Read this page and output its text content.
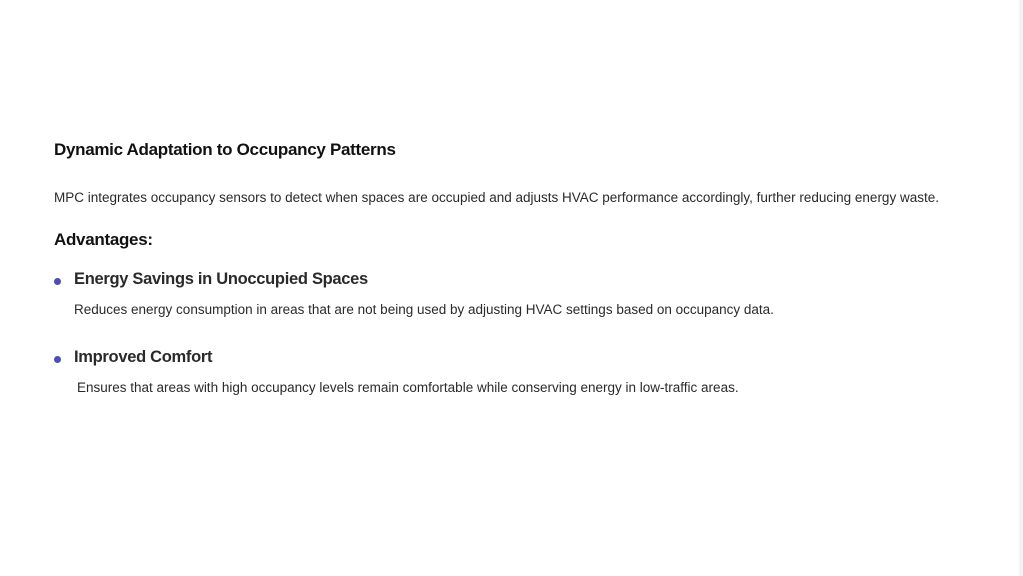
Dynamic Adaptation to Occupancy Patterns

MPC integrates occupancy sensors to detect when spaces are occupied and adjusts HVAC performance accordingly, further reducing energy waste.

Advantages:
Energy Savings in Unoccupied Spaces

Reduces energy consumption in areas that are not being used by adjusting HVAC settings based on occupancy data.

Improved Comfort

Ensures that areas with high occupancy levels remain comfortable while conserving energy in low-traffic areas.
